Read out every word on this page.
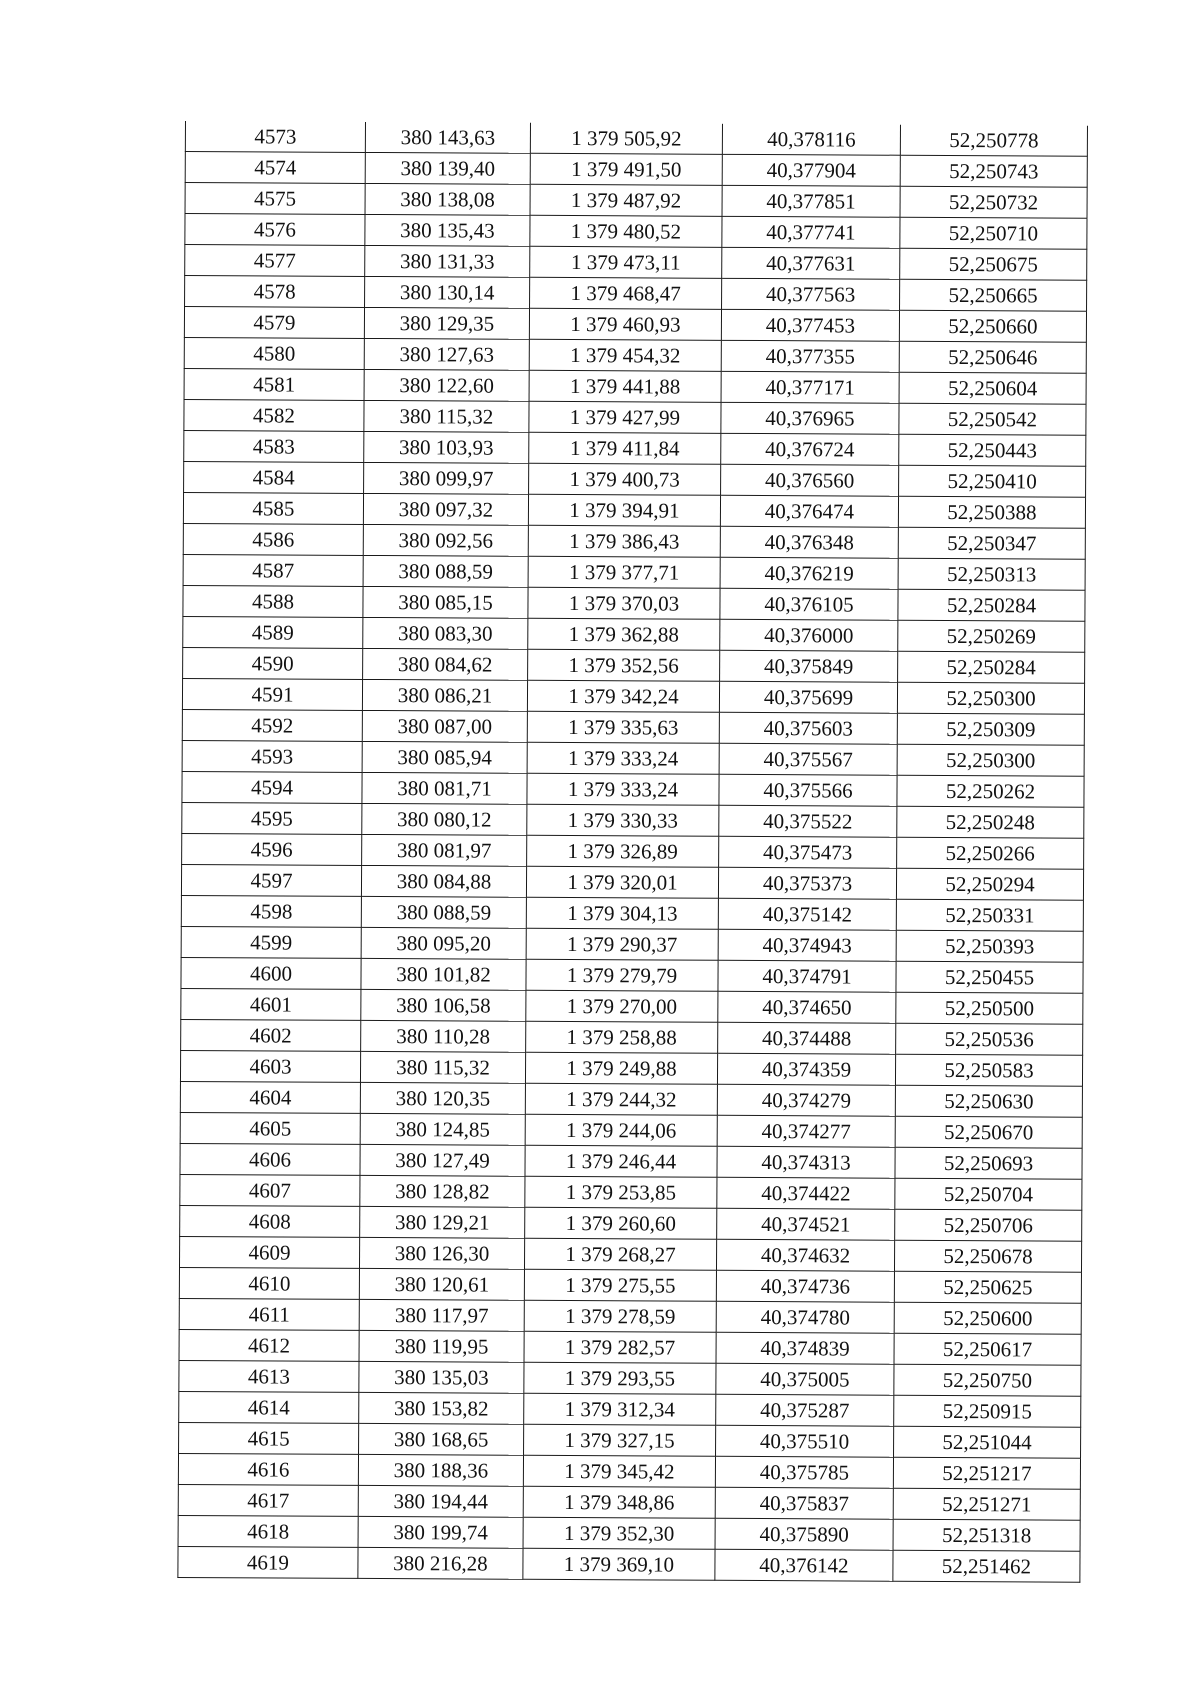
4573	380 143,63	1 379 505,92	40,378116	52,250778
4574	380 139,40	1 379 491,50	40,377904	52,250743
4575	380 138,08	1 379 487,92	40,377851	52,250732
4576	380 135,43	1 379 480,52	40,377741	52,250710
4577	380 131,33	1 379 473,11	40,377631	52,250675
4578	380 130,14	1 379 468,47	40,377563	52,250665
4579	380 129,35	1 379 460,93	40,377453	52,250660
4580	380 127,63	1 379 454,32	40,377355	52,250646
4581	380 122,60	1 379 441,88	40,377171	52,250604
4582	380 115,32	1 379 427,99	40,376965	52,250542
4583	380 103,93	1 379 411,84	40,376724	52,250443
4584	380 099,97	1 379 400,73	40,376560	52,250410
4585	380 097,32	1 379 394,91	40,376474	52,250388
4586	380 092,56	1 379 386,43	40,376348	52,250347
4587	380 088,59	1 379 377,71	40,376219	52,250313
4588	380 085,15	1 379 370,03	40,376105	52,250284
4589	380 083,30	1 379 362,88	40,376000	52,250269
4590	380 084,62	1 379 352,56	40,375849	52,250284
4591	380 086,21	1 379 342,24	40,375699	52,250300
4592	380 087,00	1 379 335,63	40,375603	52,250309
4593	380 085,94	1 379 333,24	40,375567	52,250300
4594	380 081,71	1 379 333,24	40,375566	52,250262
4595	380 080,12	1 379 330,33	40,375522	52,250248
4596	380 081,97	1 379 326,89	40,375473	52,250266
4597	380 084,88	1 379 320,01	40,375373	52,250294
4598	380 088,59	1 379 304,13	40,375142	52,250331
4599	380 095,20	1 379 290,37	40,374943	52,250393
4600	380 101,82	1 379 279,79	40,374791	52,250455
4601	380 106,58	1 379 270,00	40,374650	52,250500
4602	380 110,28	1 379 258,88	40,374488	52,250536
4603	380 115,32	1 379 249,88	40,374359	52,250583
4604	380 120,35	1 379 244,32	40,374279	52,250630
4605	380 124,85	1 379 244,06	40,374277	52,250670
4606	380 127,49	1 379 246,44	40,374313	52,250693
4607	380 128,82	1 379 253,85	40,374422	52,250704
4608	380 129,21	1 379 260,60	40,374521	52,250706
4609	380 126,30	1 379 268,27	40,374632	52,250678
4610	380 120,61	1 379 275,55	40,374736	52,250625
4611	380 117,97	1 379 278,59	40,374780	52,250600
4612	380 119,95	1 379 282,57	40,374839	52,250617
4613	380 135,03	1 379 293,55	40,375005	52,250750
4614	380 153,82	1 379 312,34	40,375287	52,250915
4615	380 168,65	1 379 327,15	40,375510	52,251044
4616	380 188,36	1 379 345,42	40,375785	52,251217
4617	380 194,44	1 379 348,86	40,375837	52,251271
4618	380 199,74	1 379 352,30	40,375890	52,251318
4619	380 216,28	1 379 369,10	40,376142	52,251462
